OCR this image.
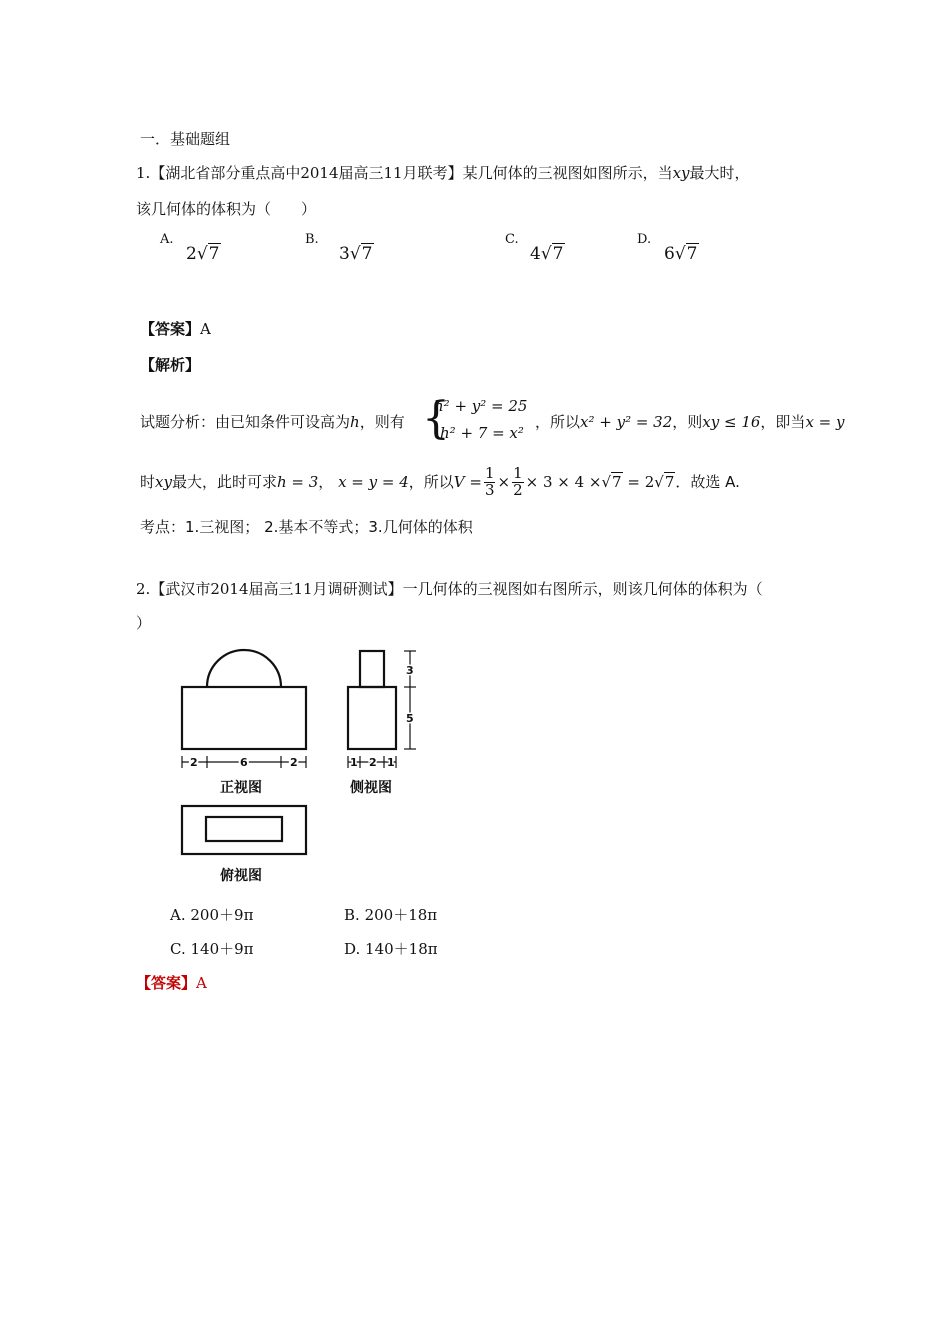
一．基础题组
1.【湖北省部分重点高中2014届高三11月联考】某几何体的三视图如图所示，当xy最大时，
该几何体的体积为（　　）
A.
2√7
B.
3√7
C.
4√7
D.
6√7
【答案】A
【解析】
试题分析：由已知条件可设高为h，则有 {
h² + y² = 25
h² + 7 = x²
，所以x² + y² = 32，则xy ≤ 16，即当x = y
时xy最大，此时可求h = 3， x = y = 4，所以$V = \frac{1}{3} \times \frac{1}{2} \times 3 \times 4 \times√7 = 2√7$．故选 A.
考点：1.三视图； 2.基本不等式；3.几何体的体积
2.【武汉市2014届高三11月调研测试】一几何体的三视图如右图所示，则该几何体的体积为（
）
2	6	2
正视图
1 2 1
3
5
侧视图
俯视图
A. 200＋9π	B. 200＋18π
C. 140＋9π	D. 140＋18π
【答案】A
